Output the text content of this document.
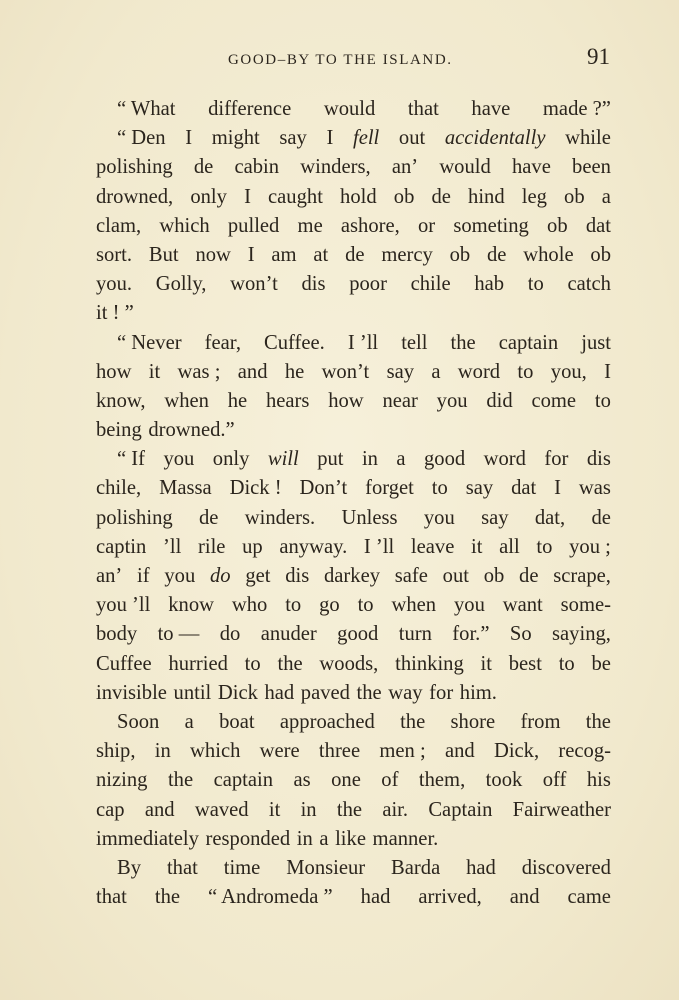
GOOD–BY TO THE ISLAND.	91
“ What difference would that have made ?”
“ Den I might say I fell out accidentally while
polishing de cabin winders, an’ would have been
drowned, only I caught hold ob de hind leg ob a
clam, which pulled me ashore, or someting ob dat
sort. But now I am at de mercy ob de whole ob
you. Golly, won’t dis poor chile hab to catch
it ! ”
“ Never fear, Cuffee. I ’ll tell the captain just
how it was ; and he won’t say a word to you, I
know, when he hears how near you did come to
being drowned.”
“ If you only will put in a good word for dis
chile, Massa Dick ! Don’t forget to say dat I was
polishing de winders. Unless you say dat, de
captin ’ll rile up anyway. I ’ll leave it all to you ;
an’ if you do get dis darkey safe out ob de scrape,
you ’ll know who to go to when you want some-
body to — do anuder good turn for.” So saying,
Cuffee hurried to the woods, thinking it best to be
invisible until Dick had paved the way for him.
Soon a boat approached the shore from the
ship, in which were three men ; and Dick, recog-
nizing the captain as one of them, took off his
cap and waved it in the air. Captain Fairweather
immediately responded in a like manner.
By that time Monsieur Barda had discovered
that the “ Andromeda ” had arrived, and came
